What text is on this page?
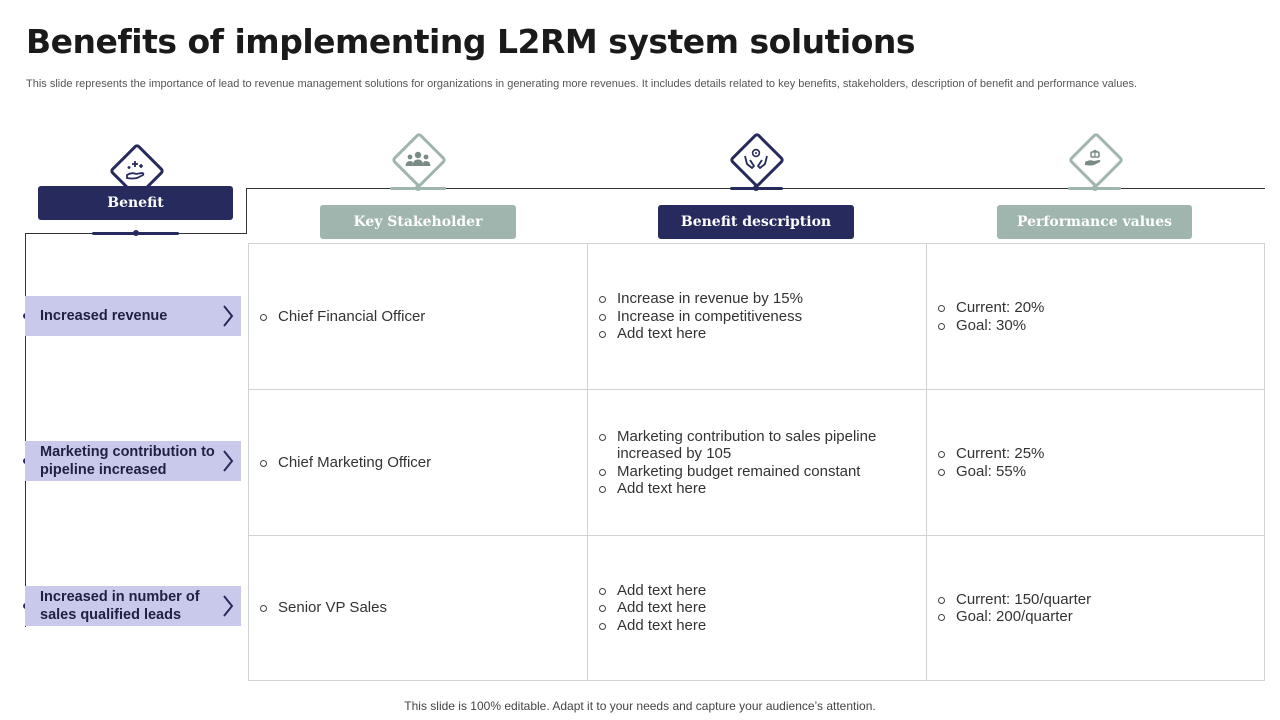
Benefits of implementing L2RM system solutions
This slide represents the importance of lead to revenue management solutions for organizations in generating more revenues. It includes details related to key benefits, stakeholders, description of benefit and performance values.
Benefit
Key Stakeholder	Benefit description	Performance values
Increased revenue
Marketing contribution to pipeline increased
Increased in number of sales qualified leads
Chief Financial Officer
Increase in revenue by 15%
Increase in competitiveness
Add text here
Current: 20%
Goal: 30%
Chief Marketing Officer
Marketing contribution to sales pipeline increased by 105
Marketing budget remained constant
Add text here
Current: 25%
Goal: 55%
Senior VP Sales
Add text here
Add text here
Add text here
Current: 150/quarter
Goal: 200/quarter
This slide is 100% editable. Adapt it to your needs and capture your audience’s attention.
